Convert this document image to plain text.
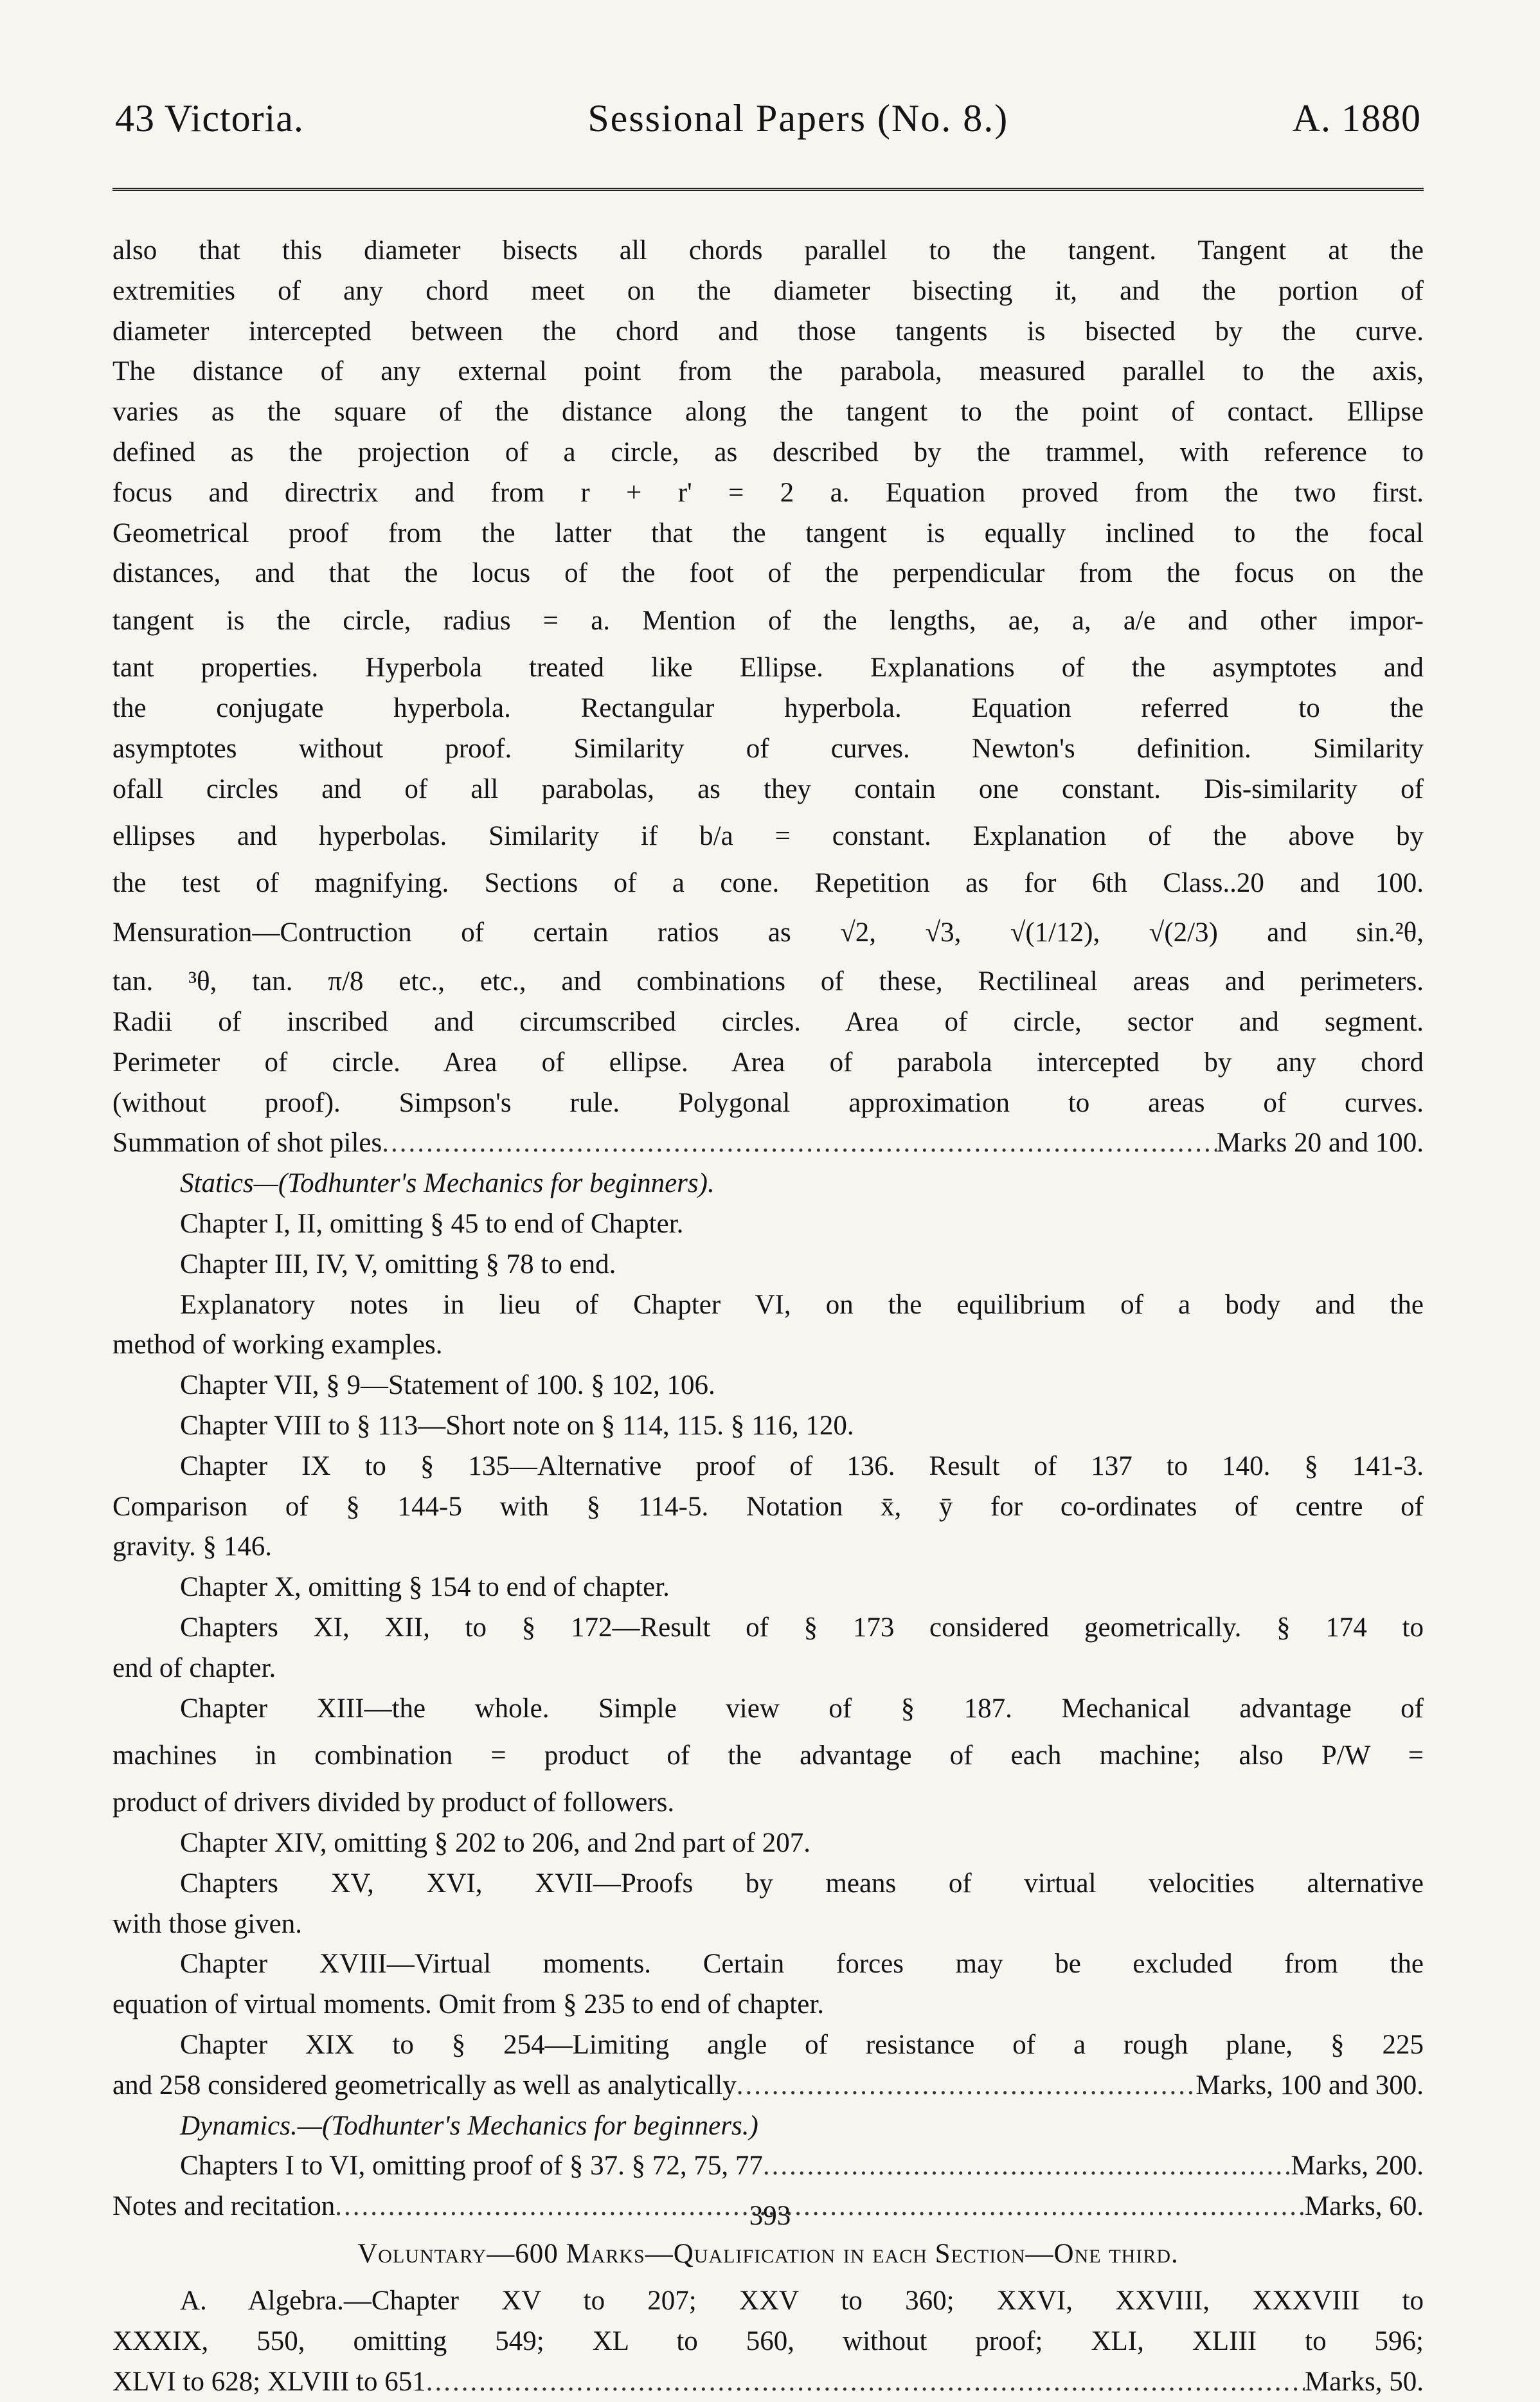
43 Victoria.	Sessional Papers (No. 8.)	A. 1880
also that this diameter bisects all chords parallel to the tangent. Tangent at the
extremities of any chord meet on the diameter bisecting it, and the portion of
diameter intercepted between the chord and those tangents is bisected by the curve.
The distance of any external point from the parabola, measured parallel to the axis,
varies as the square of the distance along the tangent to the point of contact. Ellipse
defined as the projection of a circle, as described by the trammel, with reference to
focus and directrix and from r + r' = 2 a. Equation proved from the two first.
Geometrical proof from the latter that the tangent is equally inclined to the focal
distances, and that the locus of the foot of the perpendicular from the focus on the
tangent is the circle, radius = a. Mention of the lengths, ae, a, a/e and other impor-
tant properties. Hyperbola treated like Ellipse. Explanations of the asymptotes and
the conjugate hyperbola. Rectangular hyperbola. Equation referred to the
asymptotes without proof. Similarity of curves. Newton's definition. Similarity
ofall circles and of all parabolas, as they contain one constant. Dis-similarity of
ellipses and hyperbolas. Similarity if b/a = constant. Explanation of the above by
the test of magnifying. Sections of a cone. Repetition as for 6th Class..20 and 100.
Mensuration—Contruction of certain ratios as √2, √3, √(1/12), √(2/3) and sin.²θ,
tan. ³θ, tan. π/8 etc., etc., and combinations of these, Rectilineal areas and perimeters.
Radii of inscribed and circumscribed circles. Area of circle, sector and segment.
Perimeter of circle. Area of ellipse. Area of parabola intercepted by any chord
(without proof). Simpson's rule. Polygonal approximation to areas of curves.
Summation of shot piles .....	Marks 20 and 100.
Statics—(Todhunter's Mechanics for beginners).
Chapter I, II, omitting § 45 to end of Chapter.
Chapter III, IV, V, omitting § 78 to end.
Explanatory notes in lieu of Chapter VI, on the equilibrium of a body and the
method of working examples.
Chapter VII, § 9—Statement of 100. § 102, 106.
Chapter VIII to § 113—Short note on § 114, 115. § 116, 120.
Chapter IX to § 135—Alternative proof of 136. Result of 137 to 140. § 141-3.
Comparison of § 144-5 with § 114-5. Notation x̄, ȳ for co-ordinates of centre of
gravity. § 146.
Chapter X, omitting § 154 to end of chapter.
Chapters XI, XII, to § 172—Result of § 173 considered geometrically. § 174 to
end of chapter.
Chapter XIII—the whole. Simple view of § 187. Mechanical advantage of
machines in combination = product of the advantage of each machine; also P/W =
product of drivers divided by product of followers.
Chapter XIV, omitting § 202 to 206, and 2nd part of 207.
Chapters XV, XVI, XVII—Proofs by means of virtual velocities alternative
with those given.
Chapter XVIII—Virtual moments. Certain forces may be excluded from the
equation of virtual moments. Omit from § 235 to end of chapter.
Chapter XIX to § 254—Limiting angle of resistance of a rough plane, § 225
and 258 considered geometrically as well as analytically .....	Marks, 100 and 300.
Dynamics.—(Todhunter's Mechanics for beginners.)
Chapters I to VI, omitting proof of § 37. § 72, 75, 77 .....	Marks, 200.
Notes and recitation .....	Marks, 60.
Voluntary—600 Marks—Qualification in each Section—One third.
A. Algebra.—Chapter XV to 207; XXV to 360; XXVI, XXVIII, XXXVIII to
XXXIX, 550, omitting 549; XL to 560, without proof; XLI, XLIII to 596;
XLVI to 628; XLVIII to 651 .....	Marks, 50.
393
